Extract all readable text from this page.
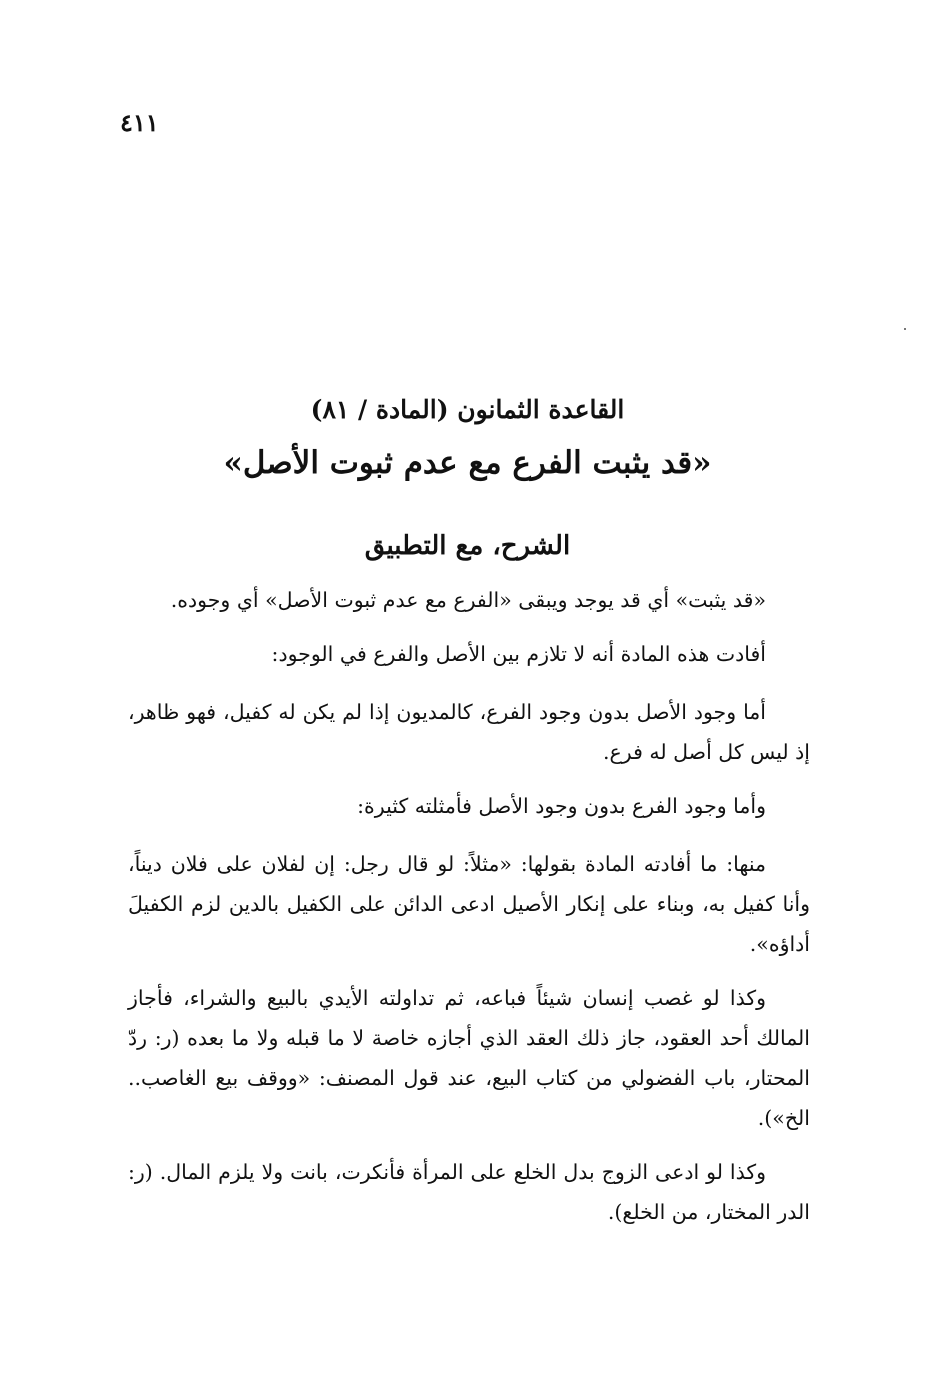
٤١١
القاعدة الثمانون (المادة / ٨١)
«قد يثبت الفرع مع عدم ثبوت الأصل»
الشرح، مع التطبيق

«قد يثبت» أي قد يوجد ويبقى «الفرع مع عدم ثبوت الأصل» أي وجوده.

أفادت هذه المادة أنه لا تلازم بين الأصل والفرع في الوجود:

أما وجود الأصل بدون وجود الفرع، كالمديون إذا لم يكن له كفيل، فهو ظاهر، إذ ليس كل أصل له فرع.

وأما وجود الفرع بدون وجود الأصل فأمثلته كثيرة:

منها: ما أفادته المادة بقولها: «مثلاً: لو قال رجل: إن لفلان على فلان ديناً، وأنا كفيل به، وبناء على إنكار الأصيل ادعى الدائن على الكفيل بالدين لزم الكفيلَ أداؤه».

وكذا لو غصب إنسان شيئاً فباعه، ثم تداولته الأيدي بالبيع والشراء، فأجاز المالك أحد العقود، جاز ذلك العقد الذي أجازه خاصة لا ما قبله ولا ما بعده (ر: ردّ المحتار، باب الفضولي من كتاب البيع، عند قول المصنف: «ووقف بيع الغاصب.. الخ»).

وكذا لو ادعى الزوج بدل الخلع على المرأة فأنكرت، بانت ولا يلزم المال. (ر: الدر المختار، من الخلع).
